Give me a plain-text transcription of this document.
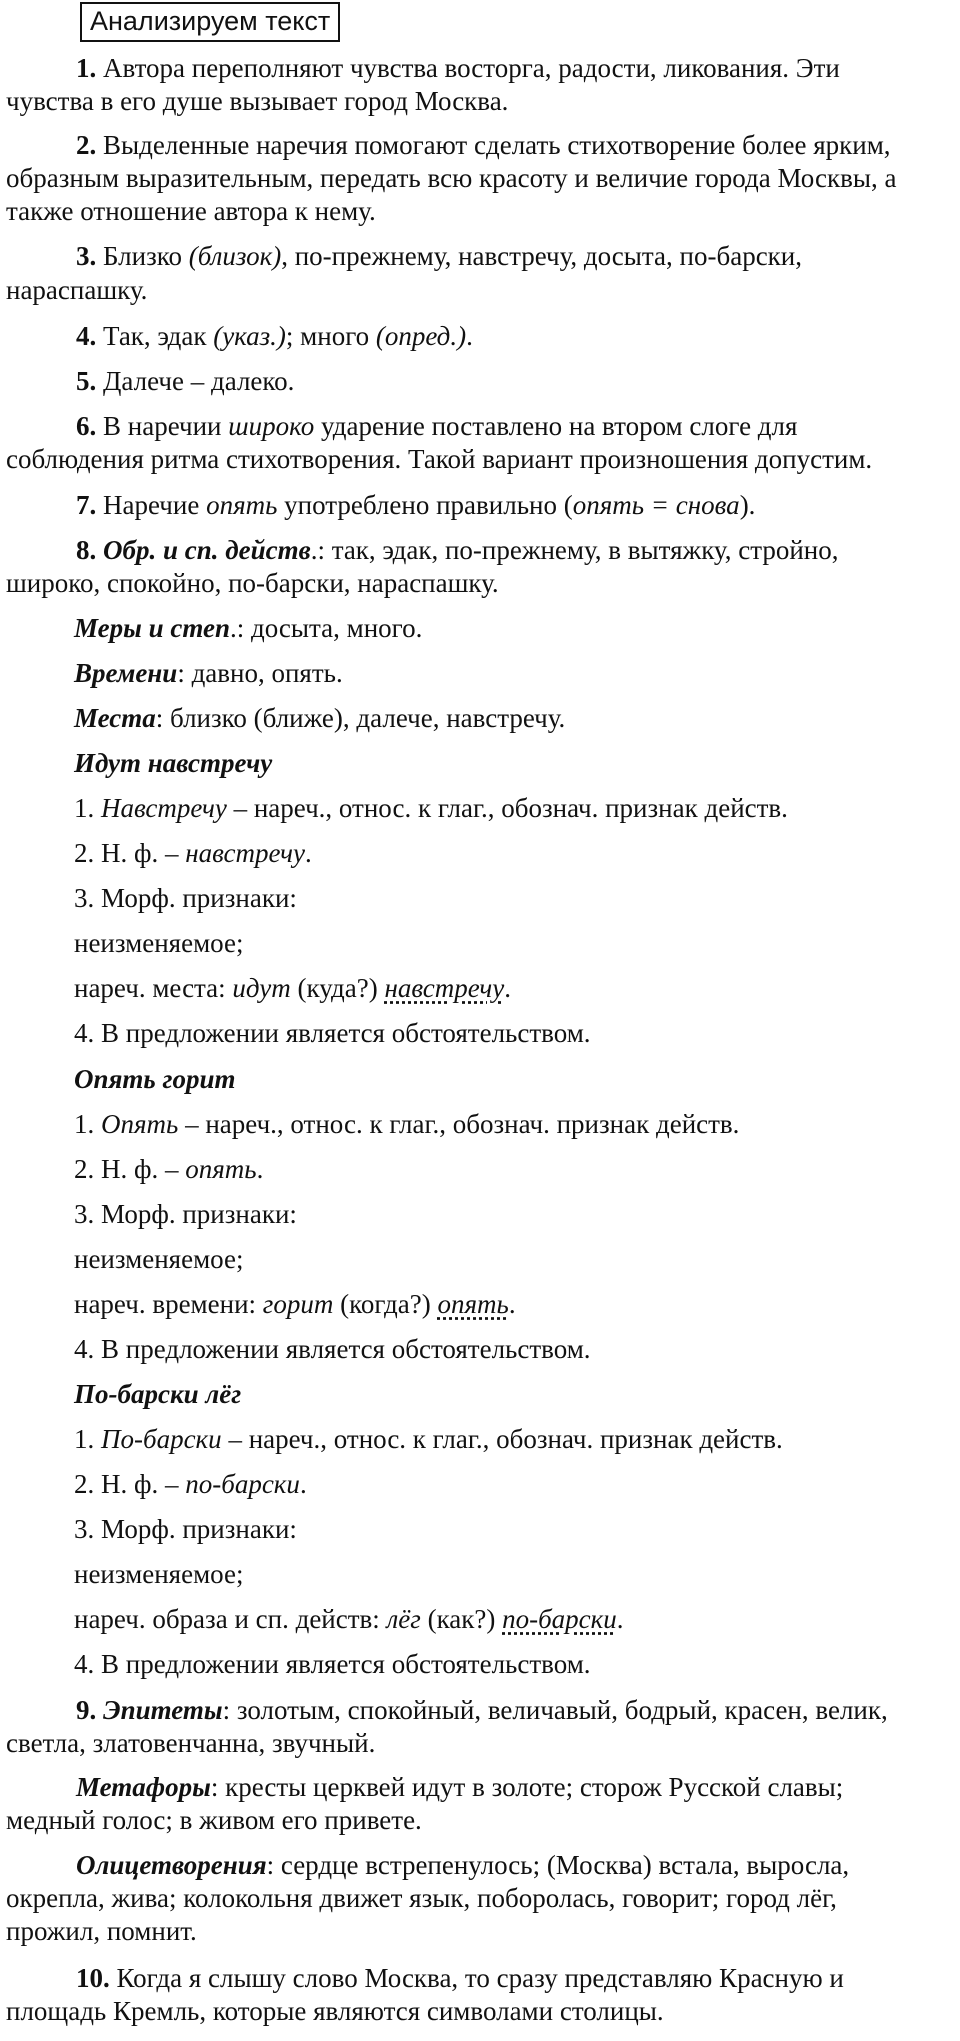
Анализируем текст
1. Автора переполняют чувства восторга, радости, ликования. Эти
чувства в его душе вызывает город Москва.
2. Выделенные наречия помогают сделать стихотворение более ярким,
образным выразительным, передать всю красоту и величие города Москвы, а
также отношение автора к нему.
3. Близко (близок), по-прежнему, навстречу, досыта, по-барски,
нараспашку.
4. Так, эдак (указ.); много (опред.).
5. Далече – далеко.
6. В наречии широко ударение поставлено на втором слоге для
соблюдения ритма стихотворения. Такой вариант произношения допустим.
7. Наречие опять употреблено правильно (опять = снова).
8. Обр. и сп. действ.: так, эдак, по-прежнему, в вытяжку, стройно,
широко, спокойно, по-барски, нараспашку.
Меры и степ.: досыта, много.
Времени: давно, опять.
Места: близко (ближе), далече, навстречу.
Идут навстречу
1. Навстречу – нареч., относ. к глаг., обознач. признак действ.
2. Н. ф. – навстречу.
3. Морф. признаки:
неизменяемое;
нареч. места: идут (куда?) навстречу.
4. В предложении является обстоятельством.
Опять горит
1. Опять – нареч., относ. к глаг., обознач. признак действ.
2. Н. ф. – опять.
3. Морф. признаки:
неизменяемое;
нареч. времени: горит (когда?) опять.
4. В предложении является обстоятельством.
По-барски лёг
1. По-барски – нареч., относ. к глаг., обознач. признак действ.
2. Н. ф. – по-барски.
3. Морф. признаки:
неизменяемое;
нареч. образа и сп. действ: лёг (как?) по-барски.
4. В предложении является обстоятельством.
9. Эпитеты: золотым, спокойный, величавый, бодрый, красен, велик,
светла, златовенчанна, звучный.
Метафоры: кресты церквей идут в золоте; сторож Русской славы;
медный голос; в живом его привете.
Олицетворения: сердце встрепенулось; (Москва) встала, выросла,
окрепла, жива; колокольня движет язык, поборолась, говорит; город лёг,
прожил, помнит.
10. Когда я слышу слово Москва, то сразу представляю Красную и
площадь Кремль, которые являются символами столицы.
